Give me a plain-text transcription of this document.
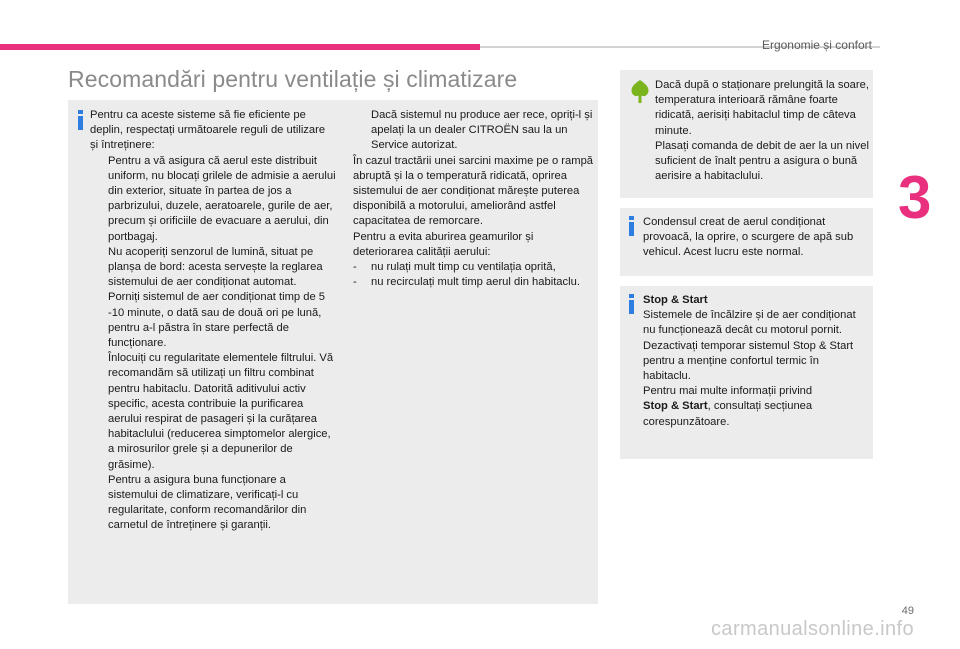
Ergonomie și confort
Recomandări pentru ventilație și climatizare
3
Pentru ca aceste sisteme să fie eficiente pe deplin, respectați următoarele reguli de utilizare și întreținere:
Pentru a vă asigura că aerul este distribuit uniform, nu blocați grilele de admisie a aerului din exterior, situate în partea de jos a parbrizului, duzele, aeratoarele, gurile de aer, precum și orificiile de evacuare a aerului, din portbagaj.
Nu acoperiți senzorul de lumină, situat pe planșa de bord: acesta servește la reglarea sistemului de aer condiționat automat.
Porniți sistemul de aer condiționat timp de 5 -10 minute, o dată sau de două ori pe lună, pentru a-l păstra în stare perfectă de funcționare.
Înlocuiți cu regularitate elementele filtrului. Vă recomandăm să utilizați un filtru combinat pentru habitaclu. Datorită aditivului activ specific, acesta contribuie la purificarea aerului respirat de pasageri și la curățarea habitaclului (reducerea simptomelor alergice, a mirosurilor grele și a depunerilor de grăsime).
Pentru a asigura buna funcționare a sistemului de climatizare, verificați-l cu regularitate, conform recomandărilor din carnetul de întreținere și garanții.
Dacă sistemul nu produce aer rece, opriți-l și apelați la un dealer CITROËN sau la un Service autorizat.
În cazul tractării unei sarcini maxime pe o rampă abruptă și la o temperatură ridicată, oprirea sistemului de aer condiționat mărește puterea disponibilă a motorului, ameliorând astfel capacitatea de remorcare.
Pentru a evita aburirea geamurilor și deteriorarea calității aerului:
-	nu rulați mult timp cu ventilația oprită,
-	nu recirculați mult timp aerul din habitaclu.
Dacă după o staționare prelungită la soare, temperatura interioară rămâne foarte ridicată, aerisiți habitaclul timp de câteva minute.
Plasați comanda de debit de aer la un nivel suficient de înalt pentru a asigura o bună aerisire a habitaclului.
Condensul creat de aerul condiționat provoacă, la oprire, o scurgere de apă sub vehicul. Acest lucru este normal.
Stop & Start
Sistemele de încălzire și de aer condiționat nu funcționează decât cu motorul pornit.
Dezactivați temporar sistemul Stop & Start pentru a menține confortul termic în habitaclu.
Pentru mai multe informații privind
Stop & Start, consultați secțiunea corespunzătoare.
49
carmanualsonline.info
